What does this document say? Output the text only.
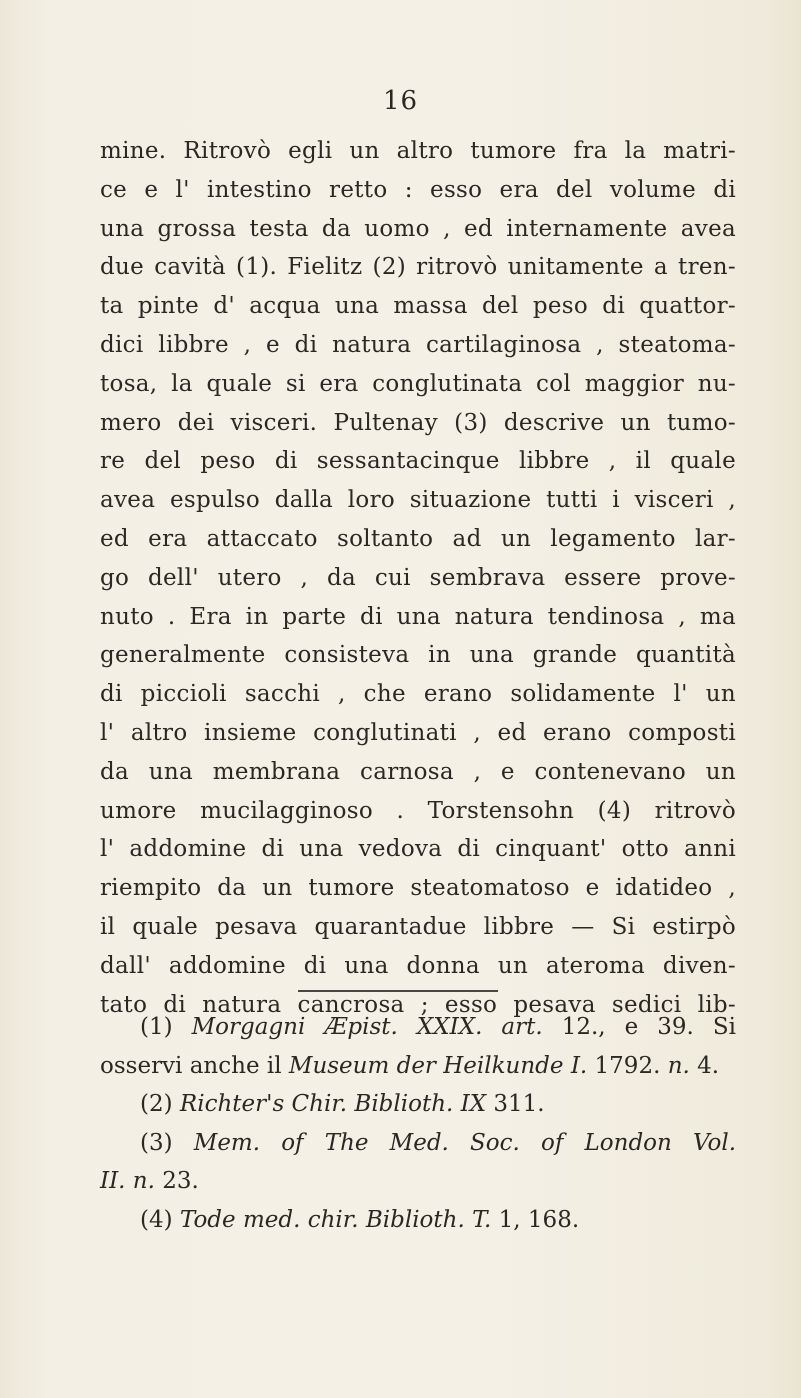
16
mine. Ritrovò egli un altro tumore fra la matri-
ce e l' intestino retto : esso era del volume di
una grossa testa da uomo , ed internamente avea
due cavità (1). Fielitz (2) ritrovò unitamente a tren-
ta pinte d' acqua una massa del peso di quattor-
dici libbre , e di natura cartilaginosa , steatoma-
tosa, la quale si era conglutinata col maggior nu-
mero dei visceri. Pultenay (3) descrive un tumo-
re del peso di sessantacinque libbre , il quale
avea espulso dalla loro situazione tutti i visceri ,
ed era attaccato soltanto ad un legamento lar-
go dell' utero , da cui sembrava essere prove-
nuto . Era in parte di una natura tendinosa , ma
generalmente consisteva in una grande quantità
di piccioli sacchi , che erano solidamente l' un
l' altro insieme conglutinati , ed erano composti
da una membrana carnosa , e contenevano un
umore mucilagginoso . Torstensohn (4) ritrovò
l' addomine di una vedova di cinquant' otto anni
riempito da un tumore steatomatoso e idatideo ,
il quale pesava quarantadue libbre — Si estirpò
dall' addomine di una donna un ateroma diven-
tato di natura cancrosa ; esso pesava sedici lib-
(1) Morgagni Æpist. XXIX. art. 12., e 39. Si
osservi anche il Museum der Heilkunde I. 1792. n. 4.
(2) Richter's Chir. Biblioth. IX 311.
(3) Mem. of The Med. Soc. of London Vol.
II. n. 23.
(4) Tode med. chir. Biblioth. T. 1, 168.
